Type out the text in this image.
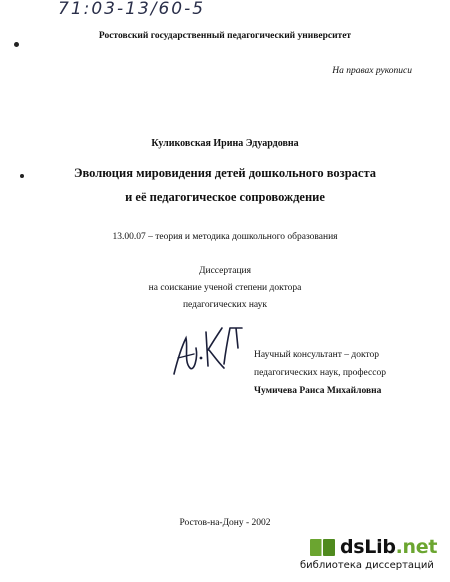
71:03-13/60-5
Ростовский государственный педагогический университет
На правах рукописи
Куликовская Ирина Эдуардовна
Эволюция мировидения детей дошкольного возраста
и её педагогическое сопровождение
13.00.07 – теория и методика дошкольного образования
Диссертация
на соискание ученой степени доктора
педагогических наук
Научный консультант – доктор
педагогических наук, профессор
Чумичева Раиса Михайловна
Ростов-на-Дону - 2002
dsLib.net
библиотека диссертаций
